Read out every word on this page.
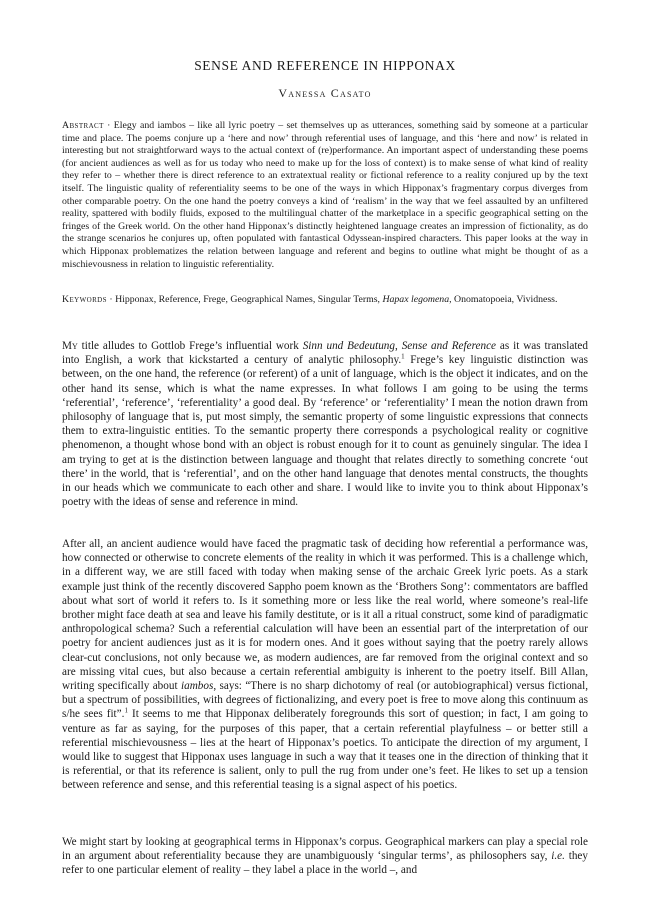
SENSE AND REFERENCE IN HIPPONAX

Vanessa Casato

Abstract · Elegy and iambos – like all lyric poetry – set themselves up as utterances, something said by someone at a particular time and place. The poems conjure up a ‘here and now’ through referential uses of language, and this ‘here and now’ is related in interesting but not straightforward ways to the actual context of (re)performance. An important aspect of understanding these poems (for ancient audiences as well as for us today who need to make up for the loss of context) is to make sense of what kind of reality they refer to – whether there is direct reference to an extratextual reality or fictional reference to a reality conjured up by the text itself. The linguistic quality of referentiality seems to be one of the ways in which Hipponax’s fragmentary corpus diverges from other comparable poetry. On the one hand the poetry conveys a kind of ‘realism’ in the way that we feel assaulted by an unfiltered reality, spattered with bodily fluids, exposed to the multilingual chatter of the marketplace in a specific geographical setting on the fringes of the Greek world. On the other hand Hipponax’s distinctly heightened language creates an impression of fictionality, as do the strange scenarios he conjures up, often populated with fantastical Odyssean-inspired characters. This paper looks at the way in which Hipponax problematizes the relation between language and referent and begins to outline what might be thought of as a mischievousness in relation to linguistic referentiality.

Keywords · Hipponax, Reference, Frege, Geographical Names, Singular Terms, Hapax legomena, Onomatopoeia, Vividness.

My title alludes to Gottlob Frege’s influential work Sinn und Bedeutung, Sense and Reference as it was translated into English, a work that kickstarted a century of analytic philosophy.$^1$ Frege’s key linguistic distinction was between, on the one hand, the reference (or referent) of a unit of language, which is the object it indicates, and on the other hand its sense, which is what the name expresses. In what follows I am going to be using the terms ‘referential’, ‘reference’, ‘referentiality’ a good deal. By ‘reference’ or ‘referentiality’ I mean the notion drawn from philosophy of language that is, put most simply, the semantic property of some linguistic expressions that connects them to extra-linguistic entities. To the semantic property there corresponds a psychological reality or cognitive phenomenon, a thought whose bond with an object is robust enough for it to count as genuinely singular. The idea I am trying to get at is the distinction between language and thought that relates directly to something concrete ‘out there’ in the world, that is ‘referential’, and on the other hand language that denotes mental constructs, the thoughts in our heads which we communicate to each other and share. I would like to invite you to think about Hipponax’s poetry with the ideas of sense and reference in mind.

After all, an ancient audience would have faced the pragmatic task of deciding how referential a performance was, how connected or otherwise to concrete elements of the reality in which it was performed. This is a challenge which, in a different way, we are still faced with today when making sense of the archaic Greek lyric poets. As a stark example just think of the recently discovered Sappho poem known as the ‘Brothers Song’: commentators are baffled about what sort of world it refers to. Is it something more or less like the real world, where someone’s real-life brother might face death at sea and leave his family destitute, or is it all a ritual construct, some kind of paradigmatic anthropological schema? Such a referential calculation will have been an essential part of the interpretation of our poetry for ancient audiences just as it is for modern ones. And it goes without saying that the poetry rarely allows clear-cut conclusions, not only because we, as modern audiences, are far removed from the original context and so are missing vital cues, but also because a certain referential ambiguity is inherent to the poetry itself. Bill Allan, writing specifically about iambos, says: “There is no sharp dichotomy of real (or autobiographical) versus fictional, but a spectrum of possibilities, with degrees of fictionalizing, and every poet is free to move along this continuum as s/he sees fit”.$^1$ It seems to me that Hipponax deliberately foregrounds this sort of question; in fact, I am going to venture as far as saying, for the purposes of this paper, that a certain referential playfulness – or better still a referential mischievousness – lies at the heart of Hipponax’s poetics. To anticipate the direction of my argument, I would like to suggest that Hipponax uses language in such a way that it teases one in the direction of thinking that it is referential, or that its reference is salient, only to pull the rug from under one’s feet. He likes to set up a tension between reference and sense, and this referential teasing is a signal aspect of his poetics.

We might start by looking at geographical terms in Hipponax’s corpus. Geographical markers can play a special role in an argument about referentiality because they are unambiguously ‘singular terms’, as philosophers say, i.e. they refer to one particular element of reality – they label a place in the world –, and
